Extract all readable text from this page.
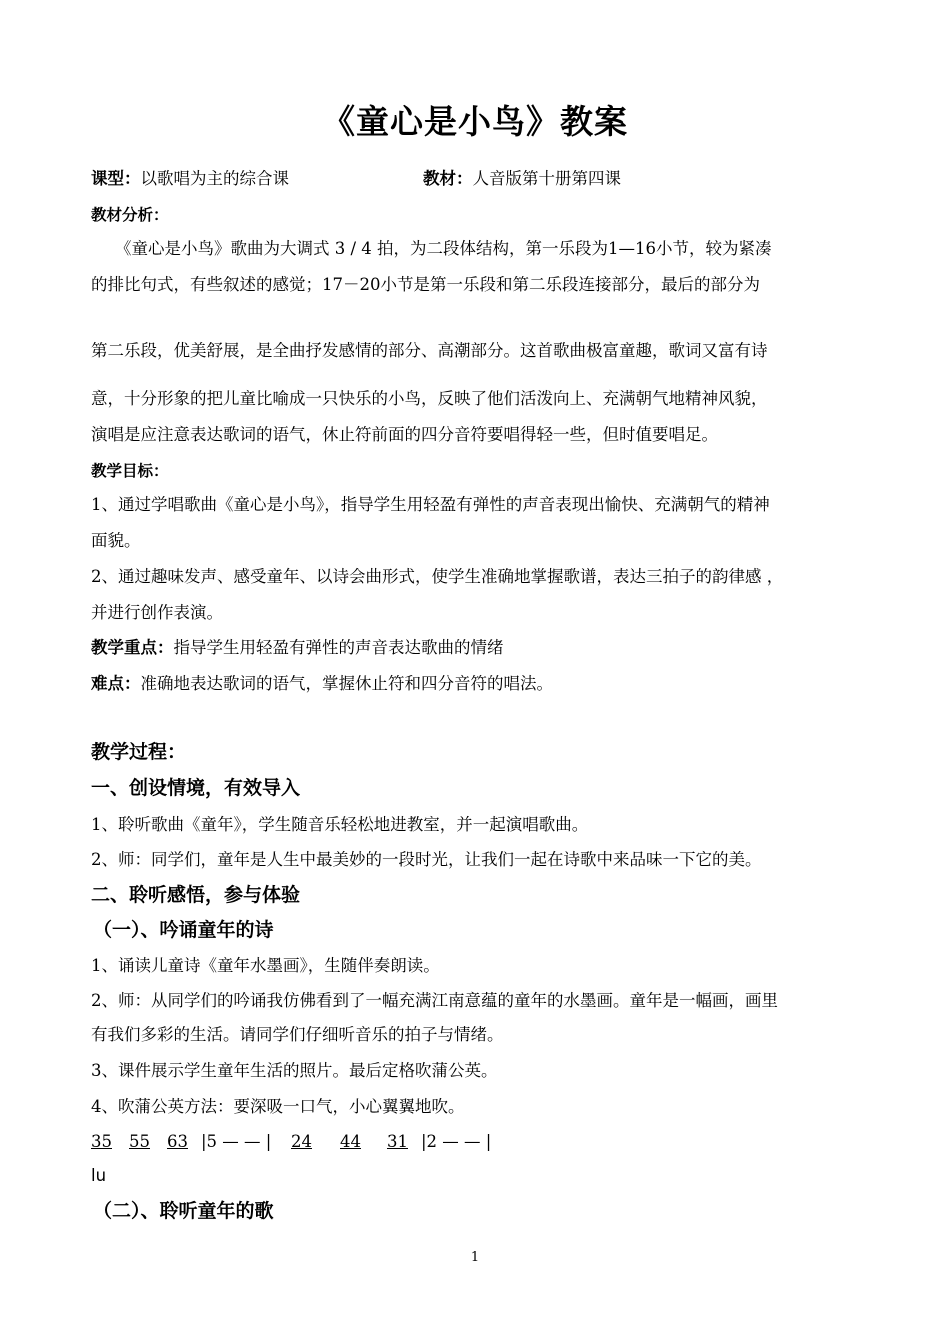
《童心是小鸟》教案
课型：以歌唱为主的综合课	教材：人音版第十册第四课
教材分析：
《童心是小鸟》歌曲为大调式 3 / 4 拍，为二段体结构，第一乐段为1—16小节，较为紧凑
的排比句式，有些叙述的感觉；17－20小节是第一乐段和第二乐段连接部分，最后的部分为
第二乐段，优美舒展，是全曲抒发感情的部分、高潮部分。这首歌曲极富童趣，歌词又富有诗
意，十分形象的把儿童比喻成一只快乐的小鸟，反映了他们活泼向上、充满朝气地精神风貌，
演唱是应注意表达歌词的语气，休止符前面的四分音符要唱得轻一些，但时值要唱足。
教学目标：
1、通过学唱歌曲《童心是小鸟》，指导学生用轻盈有弹性的声音表现出愉快、充满朝气的精神
面貌。
2、通过趣味发声、感受童年、以诗会曲形式，使学生准确地掌握歌谱，表达三拍子的韵律感 ，
并进行创作表演。
教学重点：指导学生用轻盈有弹性的声音表达歌曲的情绪
难点：准确地表达歌词的语气，掌握休止符和四分音符的唱法。
教学过程：
一、创设情境，有效导入
1、聆听歌曲《童年》，学生随音乐轻松地进教室，并一起演唱歌曲。
2、师：同学们，童年是人生中最美妙的一段时光，让我们一起在诗歌中来品味一下它的美。
二、聆听感悟，参与体验
（一）、吟诵童年的诗
1、诵读儿童诗《童年水墨画》，生随伴奏朗读。
2、师：从同学们的吟诵我仿佛看到了一幅充满江南意蕴的童年的水墨画。童年是一幅画，画里
有我们多彩的生活。请同学们仔细听音乐的拍子与情绪。
3、课件展示学生童年生活的照片。最后定格吹蒲公英。
4、吹蒲公英方法：要深吸一口气，小心翼翼地吹。
35 55 63 |5 — — | 24 44 31 |2 — — |
lu
（二）、聆听童年的歌
1
